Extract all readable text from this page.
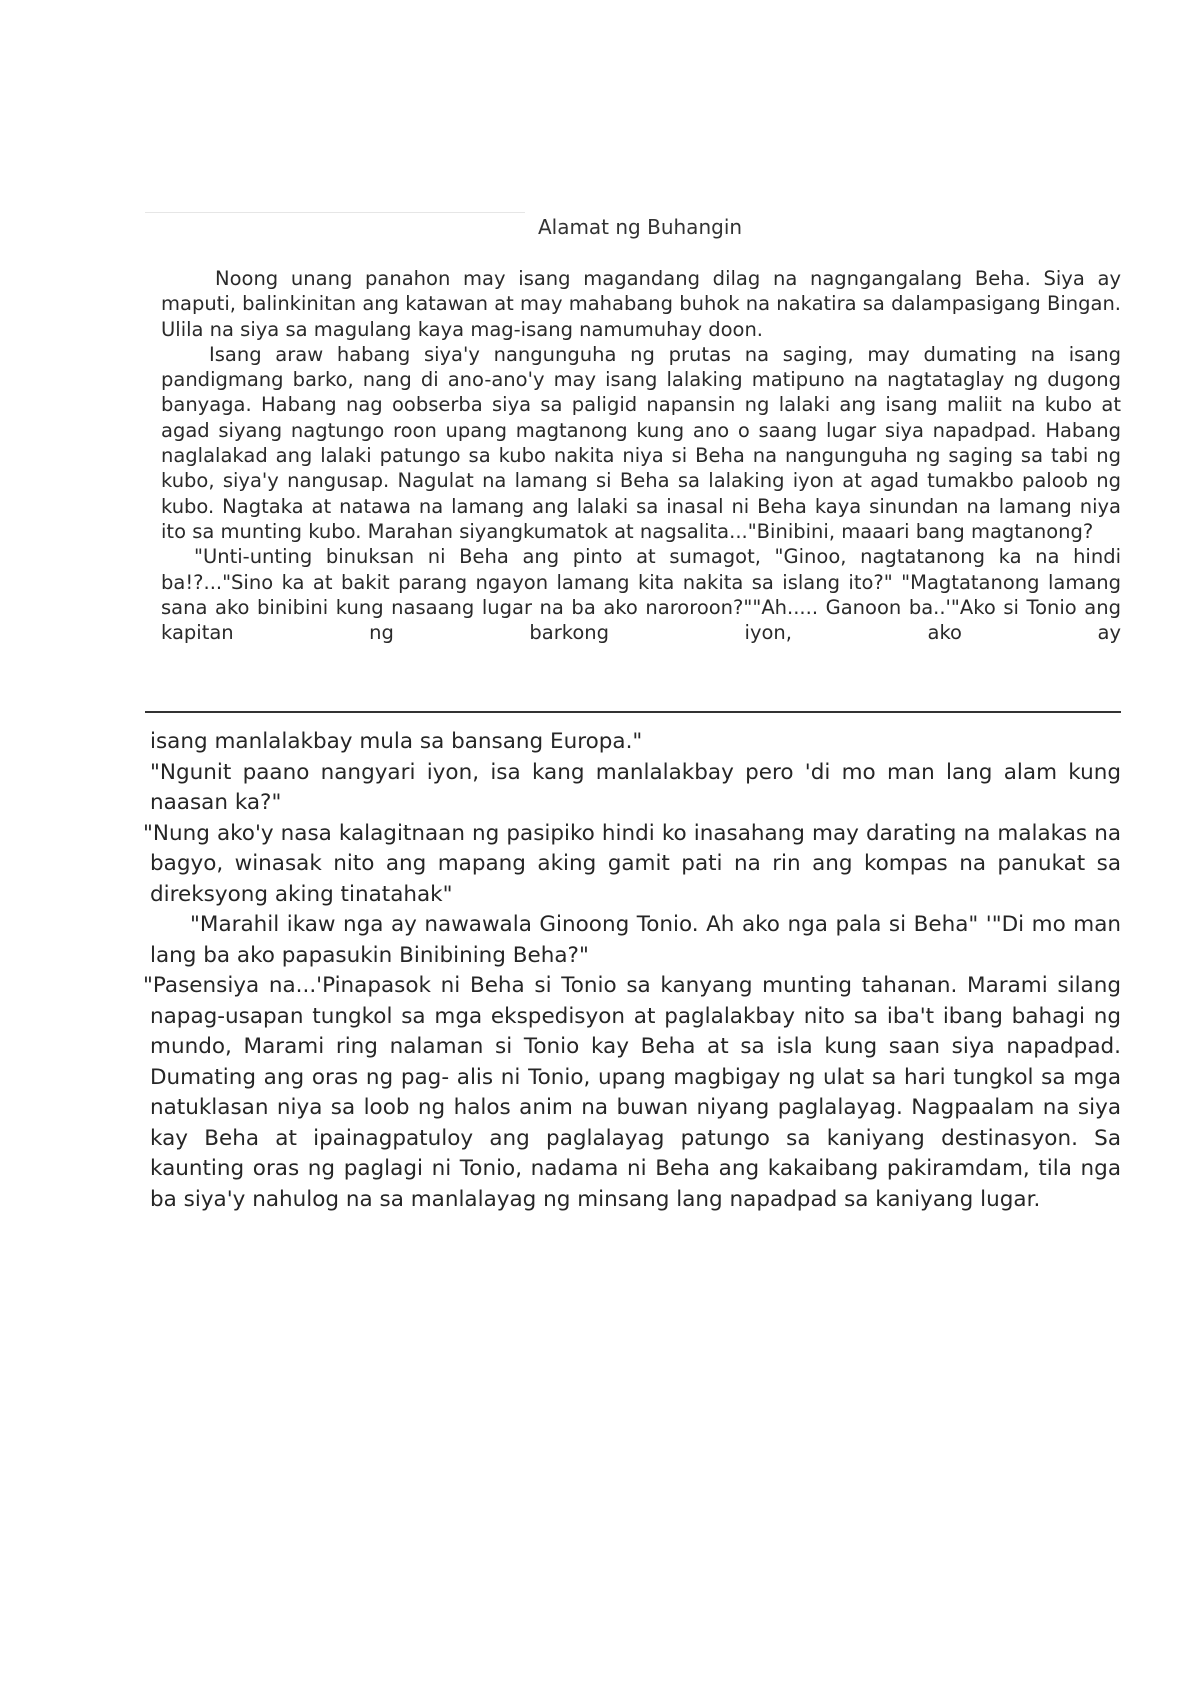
Alamat ng Buhangin

Noong unang panahon may isang magandang dilag na nagngangalang Beha. Siya ay maputi, balinkinitan ang katawan at may mahabang buhok na nakatira sa dalampasigang Bingan. Ulila na siya sa magulang kaya mag-isang namumuhay doon.

Isang araw habang siya'y nangunguha ng prutas na saging, may dumating na isang pandigmang barko, nang di ano-ano'y may isang lalaking matipuno na nagtataglay ng dugong banyaga. Habang nag oobserba siya sa paligid napansin ng lalaki ang isang maliit na kubo at agad siyang nagtungo roon upang magtanong kung ano o saang lugar siya napadpad. Habang naglalakad ang lalaki patungo sa kubo nakita niya si Beha na nangunguha ng saging sa tabi ng kubo, siya'y nangusap. Nagulat na lamang si Beha sa lalaking iyon at agad tumakbo paloob ng kubo. Nagtaka at natawa na lamang ang lalaki sa inasal ni Beha kaya sinundan na lamang niya ito sa munting kubo. Marahan siyangkumatok at nagsalita..."Binibini, maaari bang magtanong?

"Unti-unting binuksan ni Beha ang pinto at sumagot, "Ginoo, nagtatanong ka na hindi ba!?..."Sino ka at bakit parang ngayon lamang kita nakita sa islang ito?" "Magtatanong lamang sana ako binibini kung nasaang lugar na ba ako naroroon?""Ah..... Ganoon ba..'"Ako si Tonio ang kapitan ng barkong iyon, ako ay

isang manlalakbay mula sa bansang Europa."

"Ngunit paano nangyari iyon, isa kang manlalakbay pero 'di mo man lang alam kung naasan ka?"

"Nung ako'y nasa kalagitnaan ng pasipiko hindi ko inasahang may darating na malakas na bagyo, winasak nito ang mapang aking gamit pati na rin ang kompas na panukat sa direksyong aking tinatahak"

"Marahil ikaw nga ay nawawala Ginoong Tonio. Ah ako nga pala si Beha" '"Di mo man lang ba ako papasukin Binibining Beha?"

"Pasensiya na...'Pinapasok ni Beha si Tonio sa kanyang munting tahanan. Marami silang napag-usapan tungkol sa mga ekspedisyon at paglalakbay nito sa iba't ibang bahagi ng mundo, Marami ring nalaman si Tonio kay Beha at sa isla kung saan siya napadpad. Dumating ang oras ng pag- alis ni Tonio, upang magbigay ng ulat sa hari tungkol sa mga natuklasan niya sa loob ng halos anim na buwan niyang paglalayag. Nagpaalam na siya kay Beha at ipainagpatuloy ang paglalayag patungo sa kaniyang destinasyon. Sa kaunting oras ng paglagi ni Tonio, nadama ni Beha ang kakaibang pakiramdam, tila nga ba siya'y nahulog na sa manlalayag ng minsang lang napadpad sa kaniyang lugar.
